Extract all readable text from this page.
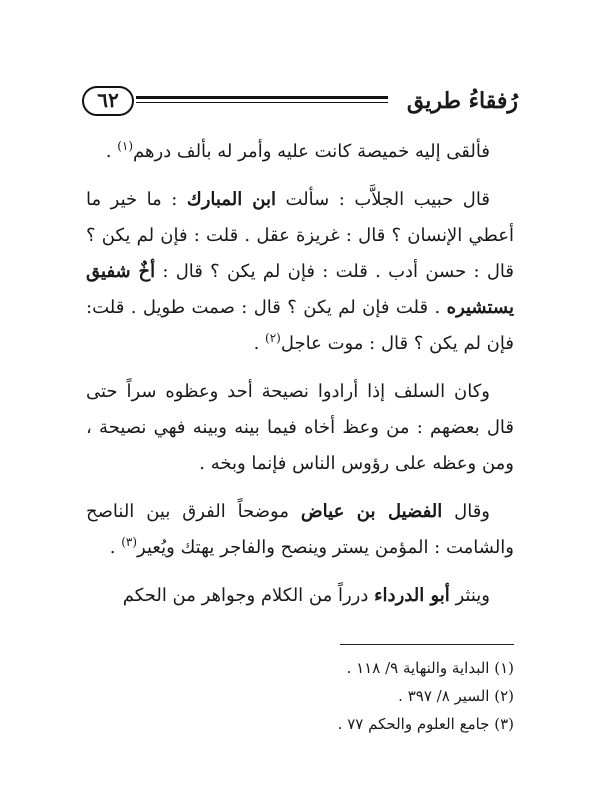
٦٢	رُفقاءُ طريق

فألقى إليه خميصة كانت عليه وأمر له بألف درهم$^{(١)}$ .

قال حبيب الجلاَّب : سألت ابن المبارك : ما خير ما أعطي الإنسان ؟ قال : غريزة عقل . قلت : فإن لم يكن ؟ قال : حسن أدب . قلت : فإن لم يكن ؟ قال : أخٌ شفيق يستشيره . قلت فإن لم يكن ؟ قال : صمت طويل . قلت: فإن لم يكن ؟ قال : موت عاجل$^{(٢)}$ .

وكان السلف إذا أرادوا نصيحة أحد وعظوه سراً حتى قال بعضهم : من وعظ أخاه فيما بينه وبينه فهي نصيحة ، ومن وعظه على رؤوس الناس فإنما وبخه .

وقال الفضيل بن عياض موضحاً الفرق بين الناصح والشامت : المؤمن يستر وينصح والفاجر يهتك ويُعير$^{(٣)}$ .

وينثر أبو الدرداء درراً من الكلام وجواهر من الحكم

(١) البداية والنهاية ٩/ ١١٨ .
(٢) السير ٨/ ٣٩٧ .
(٣) جامع العلوم والحكم ٧٧ .
